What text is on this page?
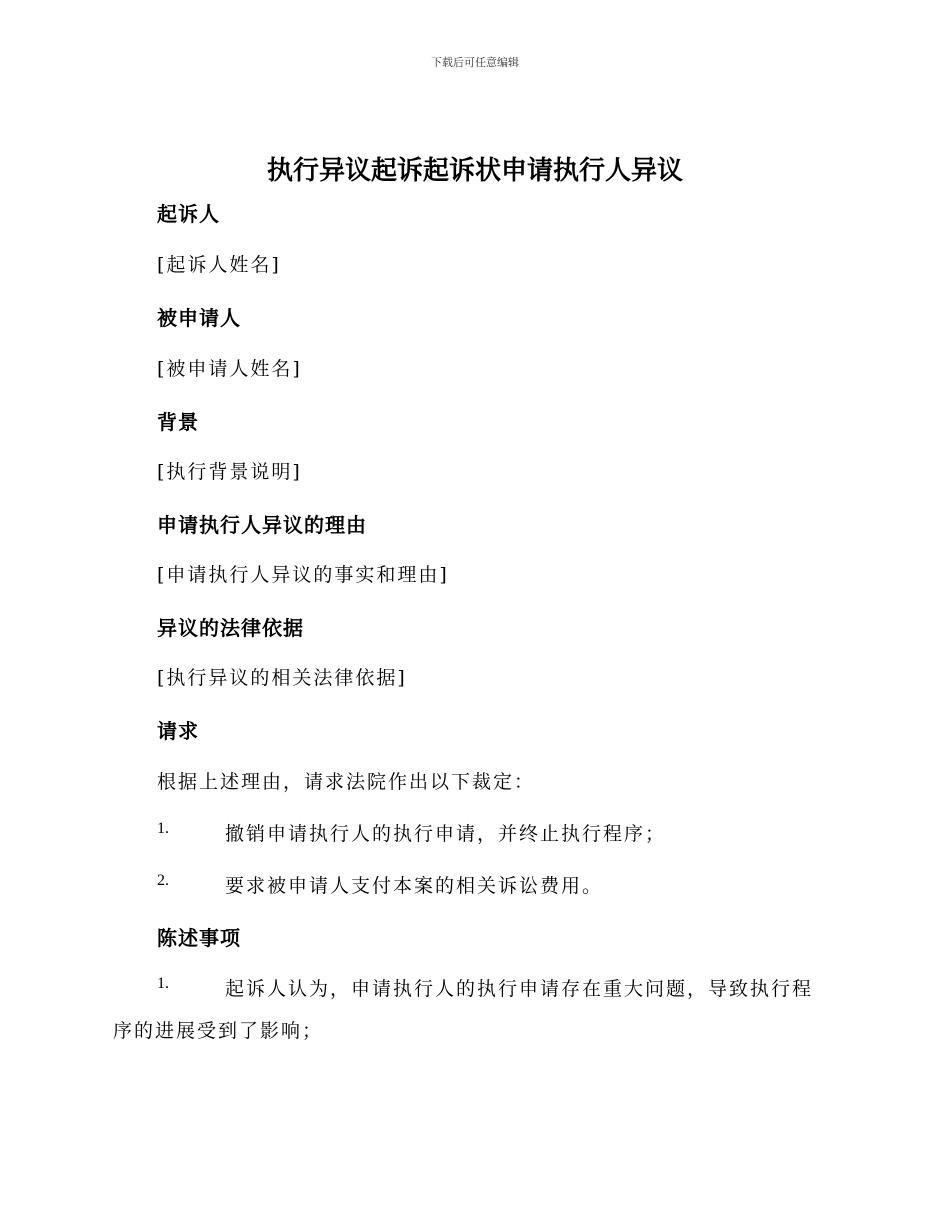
下载后可任意编辑
执行异议起诉起诉状申请执行人异议
起诉人
[起诉人姓名]
被申请人
[被申请人姓名]
背景
[执行背景说明]
申请执行人异议的理由
[申请执行人异议的事实和理由]
异议的法律依据
[执行异议的相关法律依据]
请求
根据上述理由，请求法院作出以下裁定：
1.	撤销申请执行人的执行申请，并终止执行程序；
2.	要求被申请人支付本案的相关诉讼费用。
陈述事项
1.	起诉人认为，申请执行人的执行申请存在重大问题，导致执行程
序的进展受到了影响；
